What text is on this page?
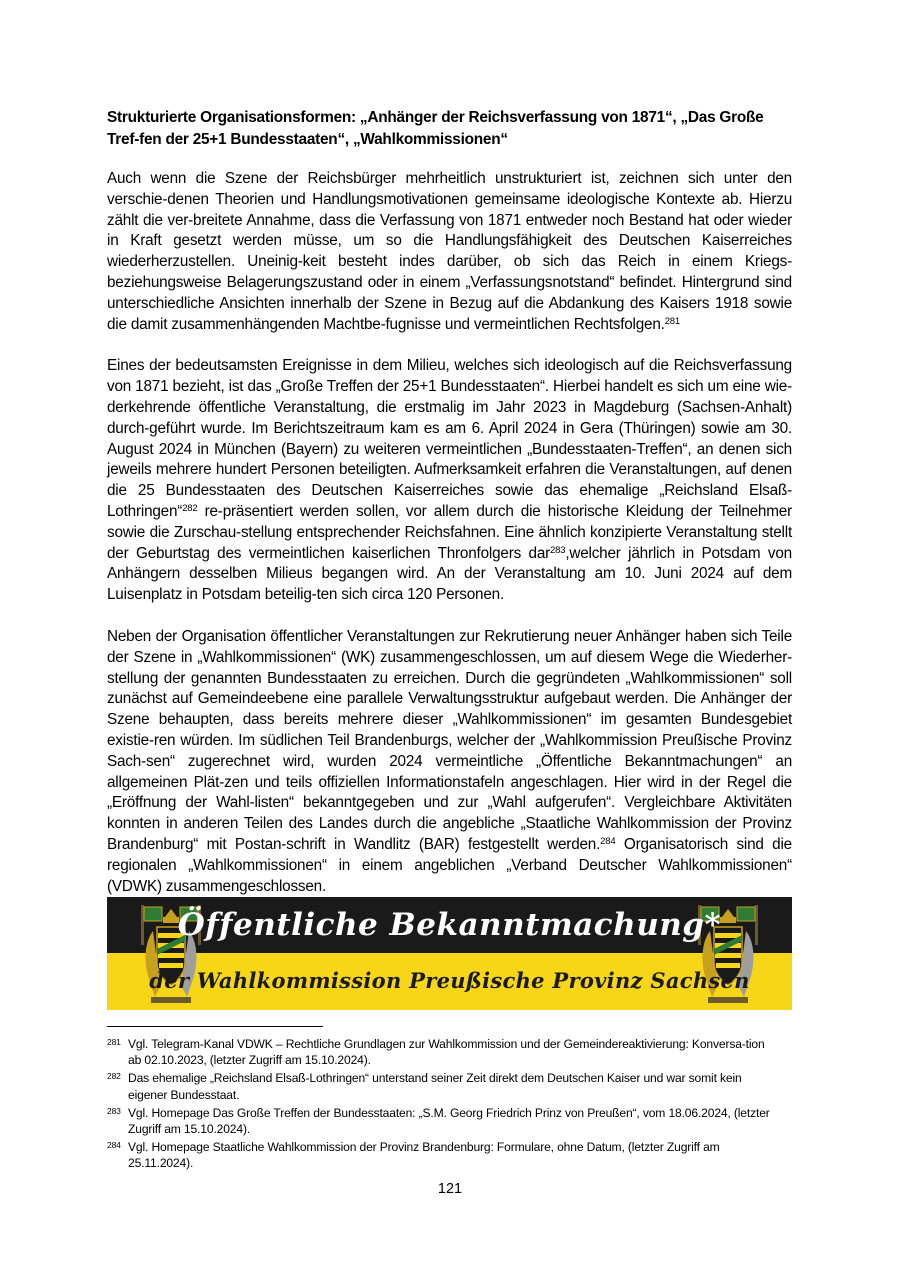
Strukturierte Organisationsformen: „Anhänger der Reichsverfassung von 1871“, „Das Große Tref-fen der 25+1 Bundesstaaten“, „Wahlkommissionen“

Auch wenn die Szene der Reichsbürger mehrheitlich unstrukturiert ist, zeichnen sich unter den verschie-denen Theorien und Handlungsmotivationen gemeinsame ideologische Kontexte ab. Hierzu zählt die ver-breitete Annahme, dass die Verfassung von 1871 entweder noch Bestand hat oder wieder in Kraft gesetzt werden müsse, um so die Handlungsfähigkeit des Deutschen Kaiserreiches wiederherzustellen. Uneinig-keit besteht indes darüber, ob sich das Reich in einem Kriegs- beziehungsweise Belagerungszustand oder in einem „Verfassungsnotstand“ befindet. Hintergrund sind unterschiedliche Ansichten innerhalb der Szene in Bezug auf die Abdankung des Kaisers 1918 sowie die damit zusammenhängenden Machtbe-fugnisse und vermeintlichen Rechtsfolgen.$^{281}$

Eines der bedeutsamsten Ereignisse in dem Milieu, welches sich ideologisch auf die Reichsverfassung von 1871 bezieht, ist das „Große Treffen der 25+1 Bundesstaaten“. Hierbei handelt es sich um eine wie-derkehrende öffentliche Veranstaltung, die erstmalig im Jahr 2023 in Magdeburg (Sachsen-Anhalt) durch-geführt wurde. Im Berichtszeitraum kam es am 6. April 2024 in Gera (Thüringen) sowie am 30. August 2024 in München (Bayern) zu weiteren vermeintlichen „Bundesstaaten-Treffen“, an denen sich jeweils mehrere hundert Personen beteiligten. Aufmerksamkeit erfahren die Veranstaltungen, auf denen die 25 Bundesstaaten des Deutschen Kaiserreiches sowie das ehemalige „Reichsland Elsaß-Lothringen“$^{282}$ re-präsentiert werden sollen, vor allem durch die historische Kleidung der Teilnehmer sowie die Zurschau-stellung entsprechender Reichsfahnen. Eine ähnlich konzipierte Veranstaltung stellt der Geburtstag des vermeintlichen kaiserlichen Thronfolgers dar$^{283}$,welcher jährlich in Potsdam von Anhängern desselben Milieus begangen wird. An der Veranstaltung am 10. Juni 2024 auf dem Luisenplatz in Potsdam beteilig-ten sich circa 120 Personen.

Neben der Organisation öffentlicher Veranstaltungen zur Rekrutierung neuer Anhänger haben sich Teile der Szene in „Wahlkommissionen“ (WK) zusammengeschlossen, um auf diesem Wege die Wiederher-stellung der genannten Bundesstaaten zu erreichen. Durch die gegründeten „Wahlkommissionen“ soll zunächst auf Gemeindeebene eine parallele Verwaltungsstruktur aufgebaut werden. Die Anhänger der Szene behaupten, dass bereits mehrere dieser „Wahlkommissionen“ im gesamten Bundesgebiet existie-ren würden. Im südlichen Teil Brandenburgs, welcher der „Wahlkommission Preußische Provinz Sach-sen“ zugerechnet wird, wurden 2024 vermeintliche „Öffentliche Bekanntmachungen“ an allgemeinen Plät-zen und teils offiziellen Informationstafeln angeschlagen. Hier wird in der Regel die „Eröffnung der Wahl-listen“ bekanntgegeben und zur „Wahl aufgerufen“. Vergleichbare Aktivitäten konnten in anderen Teilen des Landes durch die angebliche „Staatliche Wahlkommission der Provinz Brandenburg“ mit Postan-schrift in Wandlitz (BAR) festgestellt werden.$^{284}$ Organisatorisch sind die regionalen „Wahlkommissionen“ in einem angeblichen „Verband Deutscher Wahlkommissionen“ (VDWK) zusammengeschlossen.

Öffentliche Bekanntmachung*
der Wahlkommission Preußische Provinz Sachsen
281 Vgl. Telegram-Kanal VDWK – Rechtliche Grundlagen zur Wahlkommission und der Gemeindereaktivierung: Konversa-tion ab 02.10.2023, (letzter Zugriff am 15.10.2024).
282 Das ehemalige „Reichsland Elsaß-Lothringen“ unterstand seiner Zeit direkt dem Deutschen Kaiser und war somit kein eigener Bundesstaat.
283 Vgl. Homepage Das Große Treffen der Bundesstaaten: „S.M. Georg Friedrich Prinz von Preußen“, vom 18.06.2024, (letzter Zugriff am 15.10.2024).
284 Vgl. Homepage Staatliche Wahlkommission der Provinz Brandenburg: Formulare, ohne Datum, (letzter Zugriff am 25.11.2024).
121
